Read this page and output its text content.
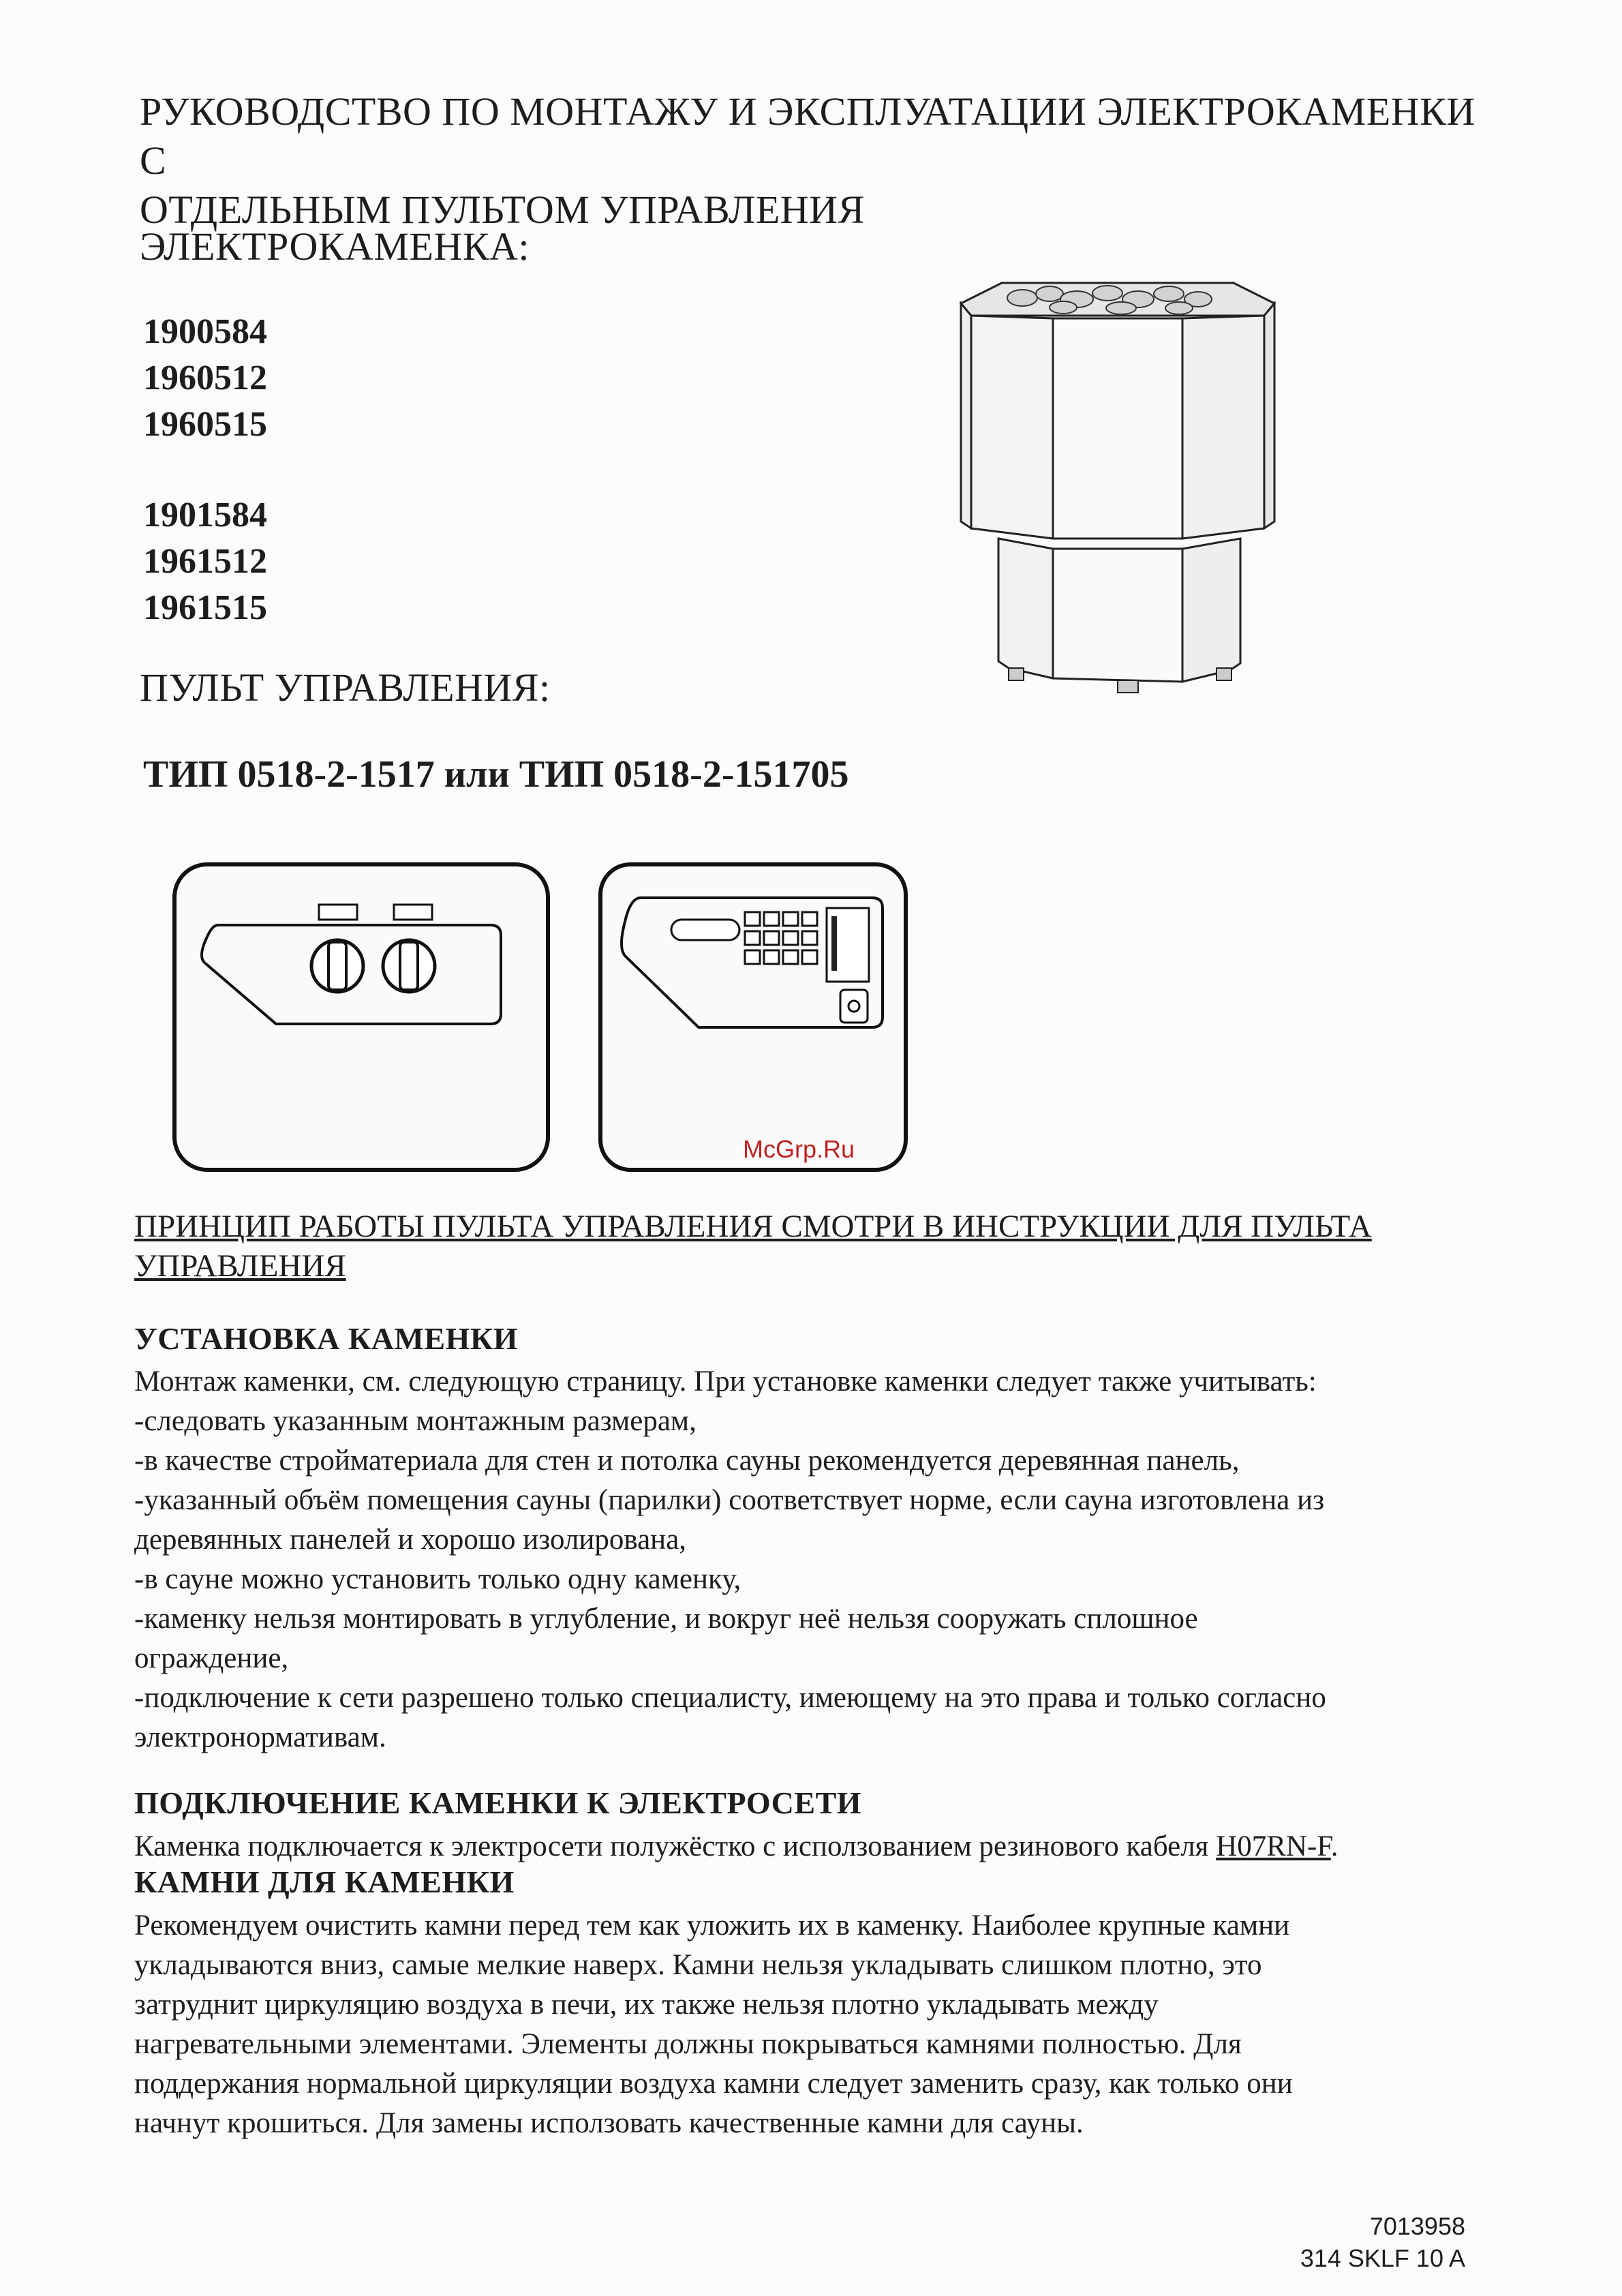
РУКОВОДСТВО ПО МОНТАЖУ И ЭКСПЛУАТАЦИИ ЭЛЕКТРОКАМЕНКИ С
ОТДЕЛЬНЫМ ПУЛЬТОМ УПРАВЛЕНИЯ
ЭЛЕКТРОКАМЕНКА:
1900584
1960512
1960515
1901584
1961512
1961515
ПУЛЬТ УПРАВЛЕНИЯ:
ТИП 0518-2-1517 или ТИП 0518-2-151705
McGrp.Ru
ПРИНЦИП РАБОТЫ ПУЛЬТА УПРАВЛЕНИЯ СМОТРИ В ИНСТРУКЦИИ ДЛЯ ПУЛЬТА
УПРАВЛЕНИЯ
УСТАНОВКА КАМЕНКИ
Монтаж каменки, см. следующую страницу. При установке каменки следует также учитывать:
-следовать указанным монтажным размерам,
-в качестве стройматериала для стен и потолка сауны рекомендуется деревянная панель,
-указанный объём помещения сауны (парилки) соответствует норме, если сауна изготовлена из
деревянных панелей и хорошо изолирована,
-в сауне можно установить только одну каменку,
-каменку нельзя монтировать в углубление, и вокруг неё нельзя сооружать сплошное
ограждение,
-подключение к сети разрешено только специалисту, имеющему на это права и только согласно
электронормативам.
ПОДКЛЮЧЕНИЕ КАМЕНКИ К ЭЛЕКТРОСЕТИ
Каменка подключается к электросети полужёстко с исползованием резинового кабеля H07RN-F.
КАМНИ ДЛЯ КАМЕНКИ
Рекомендуем очистить камни перед тем как уложить их в каменку. Наиболее крупные камни
укладываются вниз, самые мелкие наверх. Камни нельзя укладывать слишком плотно, это
затруднит циркуляцию воздуха в печи, их также нельзя плотно укладывать между
нагревательными элементами. Элементы должны покрываться камнями полностью. Для
поддержания нормальной циркуляции воздуха камни следует заменить сразу, как только они
начнут крошиться. Для замены исползовать качественные камни для сауны.
7013958
314 SKLF 10 A
